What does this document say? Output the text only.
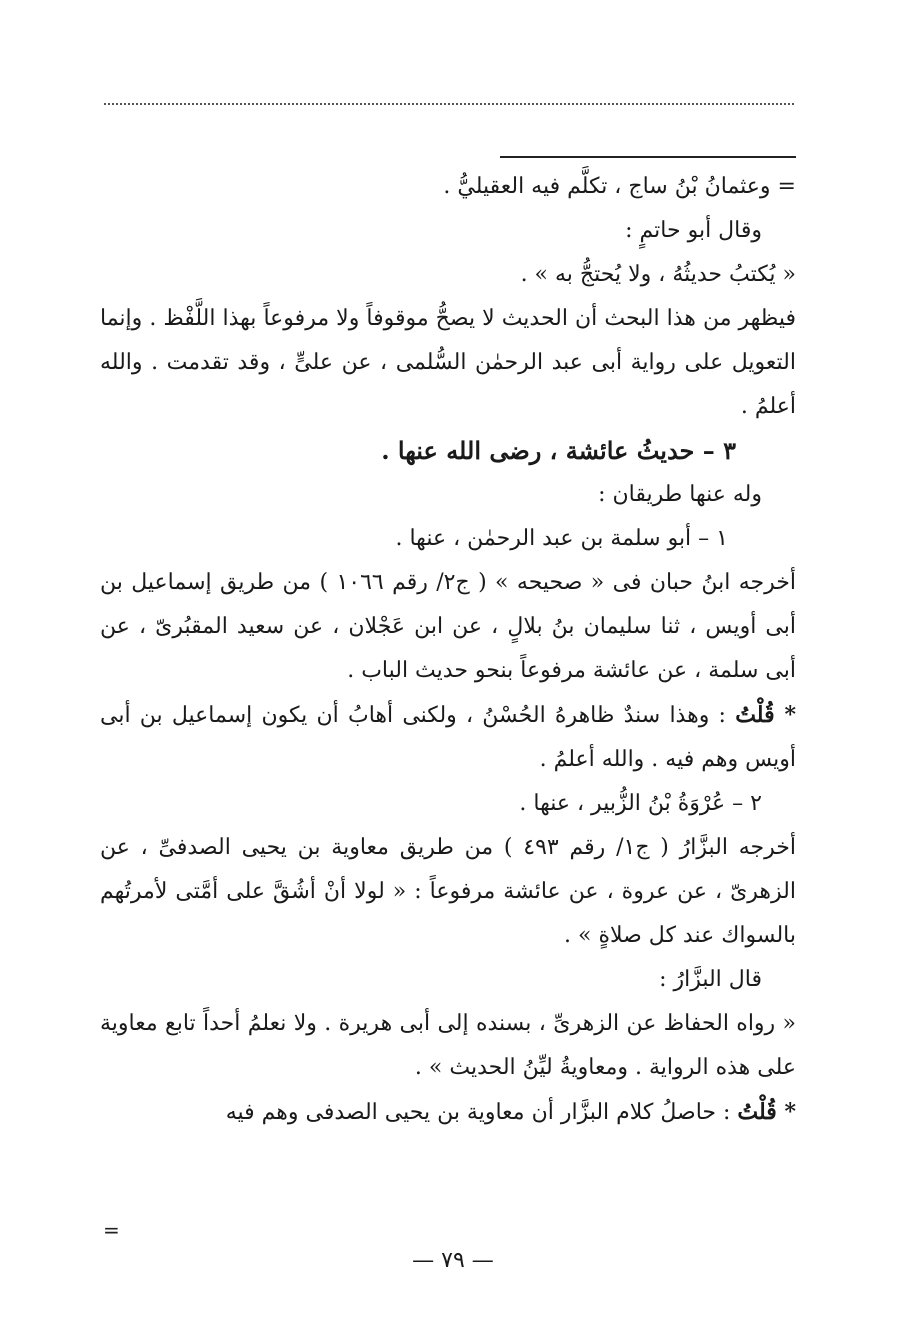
= وعثمانُ بْنُ ساج ، تكلَّم فيه العقيليُّ .

وقال أبو حاتمٍ :

« يُكتبُ حديثُهُ ، ولا يُحتجُّ به » .

فيظهر من هذا البحث أن الحديث لا يصحُّ موقوفاً ولا مرفوعاً بهذا اللَّفْظ . وإنما التعويل على رواية أبى عبد الرحمٰن السُّلمى ، عن علىٍّ ، وقد تقدمت . والله أعلمُ .

٣ – حديثُ عائشة ، رضى الله عنها .

وله عنها طريقان :

١ – أبو سلمة بن عبد الرحمٰن ، عنها .

أخرجه ابنُ حبان فى « صحيحه » ( ج٢/ رقم ١٠٦٦ ) من طريق إسماعيل بن أبى أويس ، ثنا سليمان بنُ بلالٍ ، عن ابن عَجْلان ، عن سعيد المقبُرىّ ، عن أبى سلمة ، عن عائشة مرفوعاً بنحو حديث الباب .

* قُلْتُ : وهذا سندٌ ظاهرهُ الحُسْنُ ، ولكنى أهابُ أن يكون إسماعيل بن أبى أويس وهم فيه . والله أعلمُ .

٢ – عُرْوَةُ بْنُ الزُّبير ، عنها .

أخرجه البزَّارُ ( ج١/ رقم ٤٩٣ ) من طريق معاوية بن يحيى الصدفىِّ ، عن الزهرىّ ، عن عروة ، عن عائشة مرفوعاً : « لولا أنْ أشُقَّ على أمَّتى لأمرتُهم بالسواك عند كل صلاةٍ » .

قال البزَّارُ :

« رواه الحفاظ عن الزهرىِّ ، بسنده إلى أبى هريرة . ولا نعلمُ أحداً تابع معاوية على هذه الرواية . ومعاويةُ ليِّنُ الحديث » .

* قُلْتُ : حاصلُ كلام البزَّار أن معاوية بن يحيى الصدفى وهم فيه

=
— ٧٩ —
